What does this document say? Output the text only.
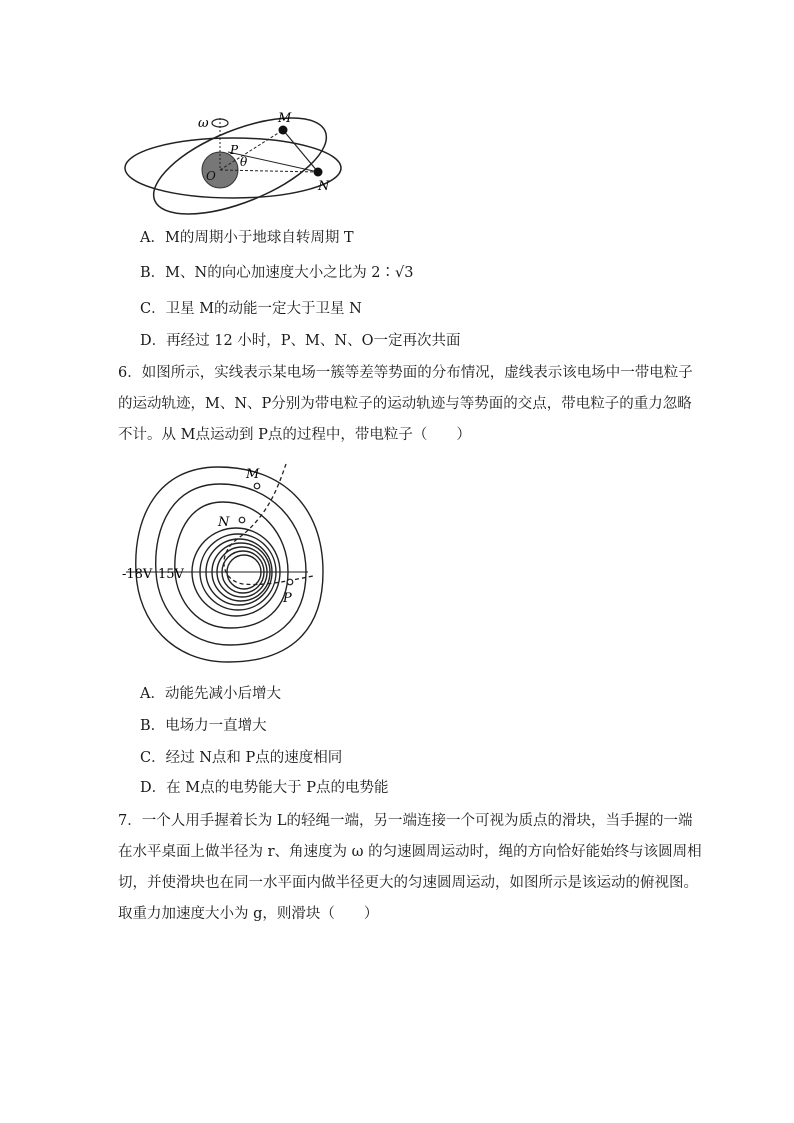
ω	M
N
P
O
θ
A．M的周期小于地球自转周期 T
B．M、N的向心加速度大小之比为 2∶√3
C．卫星 M的动能一定大于卫星 N
D．再经过 12 小时，P、M、N、O一定再次共面
6．如图所示，实线表示某电场一簇等差等势面的分布情况，虚线表示该电场中一带电粒子
的运动轨迹，M、N、P分别为带电粒子的运动轨迹与等势面的交点，带电粒子的重力忽略
不计。从 M点运动到 P点的过程中，带电粒子（　　）
M
N
P
-18V 15V
A．动能先减小后增大
B．电场力一直增大
C．经过 N点和 P点的速度相同
D．在 M点的电势能大于 P点的电势能
7．一个人用手握着长为 L的轻绳一端，另一端连接一个可视为质点的滑块，当手握的一端
在水平桌面上做半径为 r、角速度为 ω 的匀速圆周运动时，绳的方向恰好能始终与该圆周相
切，并使滑块也在同一水平面内做半径更大的匀速圆周运动，如图所示是该运动的俯视图。
取重力加速度大小为 g，则滑块（　　）
